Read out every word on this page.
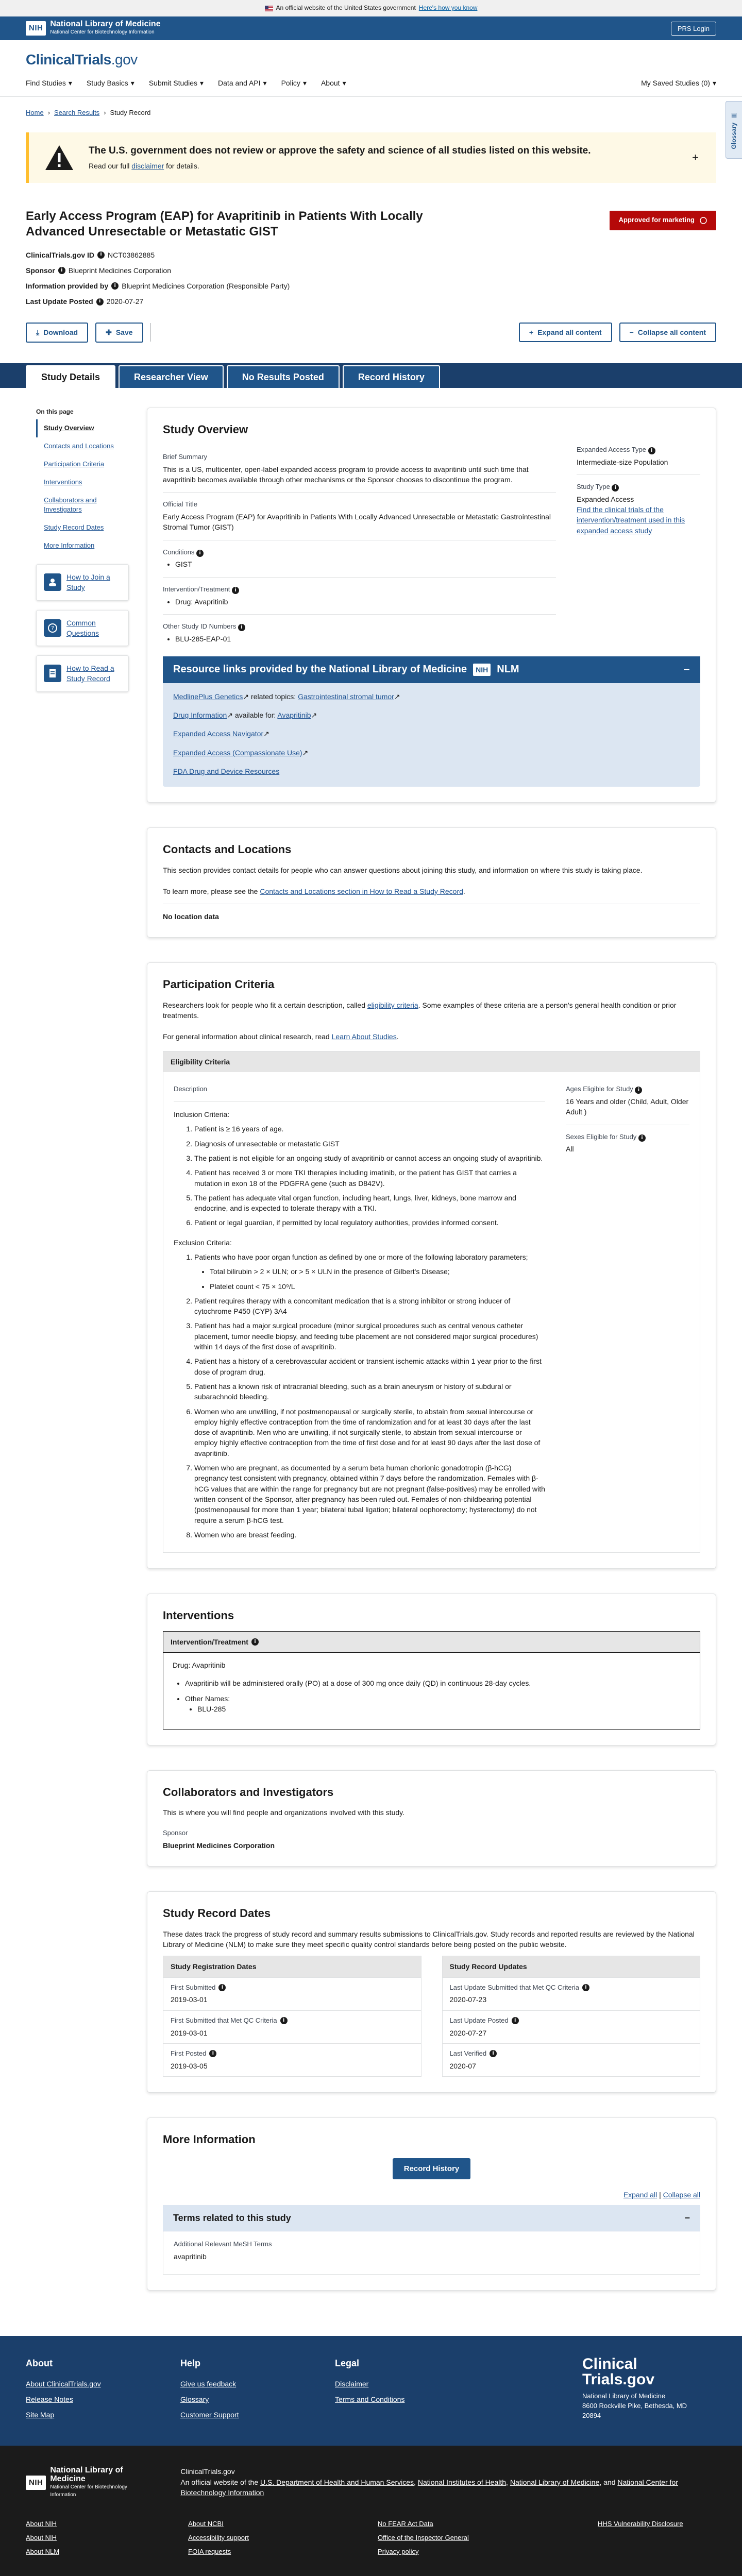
An official website of the United States government Here's how you know
NIH National Library of Medicine
National Center for Biotechnology Information
PRS Login
ClinicalTrials.gov
Find Studies ▾ Study Basics ▾ Submit Studies ▾ Data and API ▾ Policy ▾ About ▾	My Saved Studies (0) ▾
▤
Glossary
Home › Search Results › Study Record
The U.S. government does not review or approve the safety and science of all studies listed on this website.
Read our full disclaimer for details.
+
Early Access Program (EAP) for Avapritinib in Patients With Locally Advanced Unresectable or Metastatic GIST
Approved for marketing
ClinicalTrials.gov ID	i NCT03862885
Sponsor	i Blueprint Medicines Corporation
Information provided by	i Blueprint Medicines Corporation (Responsible Party)
Last Update Posted	i 2020-07-27
⤓ Download	✚ Save	+ Expand all content	− Collapse all content
Study Details	Researcher View	No Results Posted	Record History
On this page
Study Overview
Contacts and Locations
Participation Criteria
Interventions
Collaborators and Investigators
Study Record Dates
More Information
How to Join a Study
?
Common Questions
How to Read a Study Record
Study Overview
Brief Summary

This is a US, multicenter, open-label expanded access program to provide access to avapritinib until such time that avapritinib becomes available through other mechanisms or the Sponsor chooses to discontinue the program.

Official Title

Early Access Program (EAP) for Avapritinib in Patients With Locally Advanced Unresectable or Metastatic Gastrointestinal Stromal Tumor (GIST)

Conditions i
• GIST
Intervention/Treatment i
• Drug: Avapritinib
Other Study ID Numbers i
• BLU-285-EAP-01
Expanded Access Type i
Intermediate-size Population
Study Type i
Expanded Access
Find the clinical trials of the intervention/treatment used in this expanded access study
Resource links provided by the National Library of Medicine	NIH NLM	−
MedlinePlus Genetics↗ related topics: Gastrointestinal stromal tumor↗
Drug Information↗ available for: Avapritinib↗
Expanded Access Navigator↗
Expanded Access (Compassionate Use)↗
FDA Drug and Device Resources
Contacts and Locations

This section provides contact details for people who can answer questions about joining this study, and information on where this study is taking place.

To learn more, please see the Contacts and Locations section in How to Read a Study Record.

No location data

Participation Criteria

Researchers look for people who fit a certain description, called eligibility criteria. Some examples of these criteria are a person's general health condition or prior treatments.

For general information about clinical research, read Learn About Studies.

Eligibility Criteria
Description

Inclusion Criteria:

1. Patient is ≥ 16 years of age.
2. Diagnosis of unresectable or metastatic GIST
3. The patient is not eligible for an ongoing study of avapritinib or cannot access an ongoing study of avapritinib.
4. Patient has received 3 or more TKI therapies including imatinib, or the patient has GIST that carries a mutation in exon 18 of the PDGFRA gene (such as D842V).
5. The patient has adequate vital organ function, including heart, lungs, liver, kidneys, bone marrow and endocrine, and is expected to tolerate therapy with a TKI.
6. Patient or legal guardian, if permitted by local regulatory authorities, provides informed consent.

Exclusion Criteria:

1. Patients who have poor organ function as defined by one or more of the following laboratory parameters;
• Total bilirubin > 2 × ULN; or > 5 × ULN in the presence of Gilbert's Disease;
• Platelet count < 75 × 10⁹/L
2. Patient requires therapy with a concomitant medication that is a strong inhibitor or strong inducer of cytochrome P450 (CYP) 3A4
3. Patient has had a major surgical procedure (minor surgical procedures such as central venous catheter placement, tumor needle biopsy, and feeding tube placement are not considered major surgical procedures) within 14 days of the first dose of avapritinib.
4. Patient has a history of a cerebrovascular accident or transient ischemic attacks within 1 year prior to the first dose of program drug.
5. Patient has a known risk of intracranial bleeding, such as a brain aneurysm or history of subdural or subarachnoid bleeding.
6. Women who are unwilling, if not postmenopausal or surgically sterile, to abstain from sexual intercourse or employ highly effective contraception from the time of randomization and for at least 30 days after the last dose of avapritinib. Men who are unwilling, if not surgically sterile, to abstain from sexual intercourse or employ highly effective contraception from the time of first dose and for at least 90 days after the last dose of avapritinib.
7. Women who are pregnant, as documented by a serum beta human chorionic gonadotropin (β-hCG) pregnancy test consistent with pregnancy, obtained within 7 days before the randomization. Females with β-hCG values that are within the range for pregnancy but are not pregnant (false-positives) may be enrolled with written consent of the Sponsor, after pregnancy has been ruled out. Females of non-childbearing potential (postmenopausal for more than 1 year; bilateral tubal ligation; bilateral oophorectomy; hysterectomy) do not require a serum β-hCG test.
8. Women who are breast feeding.
Ages Eligible for Study i
16 Years and older (Child, Adult, Older Adult )
Sexes Eligible for Study i
All
Interventions
Intervention/Treatment	i

Drug: Avapritinib

• Avapritinib will be administered orally (PO) at a dose of 300 mg once daily (QD) in continuous 28-day cycles.
• Other Names:
• BLU-285
Collaborators and Investigators

This is where you will find people and organizations involved with this study.

Sponsor

Blueprint Medicines Corporation

Study Record Dates

These dates track the progress of study record and summary results submissions to ClinicalTrials.gov. Study records and reported results are reviewed by the National Library of Medicine (NLM) to make sure they meet specific quality control standards before being posted on the public website.

Study Registration Dates
First Submitted	i
2019-03-01
First Submitted that Met QC Criteria	i
2019-03-01
First Posted	i
2019-03-05
Study Record Updates
Last Update Submitted that Met QC Criteria	i
2020-07-23
Last Update Posted	i
2020-07-27
Last Verified	i
2020-07
More Information
Record History
Expand all | Collapse all
Terms related to this study	−
Additional Relevant MeSH Terms
avapritinib
About
About ClinicalTrials.gov
Release Notes
Site Map
Help
Give us feedback
Glossary
Customer Support
Legal
Disclaimer
Terms and Conditions
Clinical
Trials.gov
National Library of Medicine
8600 Rockville Pike, Bethesda, MD
20894
NIH
National Library of Medicine
National Center for Biotechnology Information
ClinicalTrials.gov
An official website of the U.S. Department of Health and Human Services, National Institutes of Health, National Library of Medicine, and National Center for Biotechnology Information
About NIH
About NIH
About NLM
About NCBI
Accessibility support
FOIA requests
No FEAR Act Data
Office of the Inspector General
Privacy policy
HHS Vulnerability Disclosure
